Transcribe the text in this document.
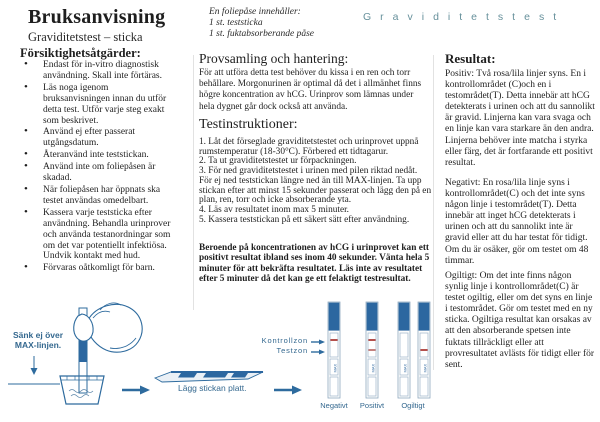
Graviditetstest
Bruksanvisning
Graviditetstest – sticka
Försiktighetsåtgärder:
• Endast för in-vitro diagnostisk användning. Skall inte förtäras.
• Läs noga igenom bruksanvisningen innan du utför detta test. Utför varje steg exakt som beskrivet.
• Använd ej efter passerat utgångsdatum.
• Återanvänd inte teststickan.
• Använd inte om foliepåsen är skadad.
• När foliepåsen har öppnats ska testet användas omedelbart.
• Kassera varje teststicka efter användning. Behandla urinprover och använda testanordningar som om det var potentiellt infektiösa. Undvik kontakt med hud.
• Förvaras oåtkomligt för barn.
En foliepåse innehåller:
1 st. teststicka
1 st. fuktabsorberande påse
Provsamling och hantering:
För att utföra detta test behöver du kissa i en ren och torr behållare. Morgonurinen är optimal då det i allmänhet finns högre koncentration av hCG. Urinprov som lämnas under hela dygnet går dock också att använda.
Testinstruktioner:
1. Låt det förseglade graviditetstestet och urinprovet uppnå rumstemperatur (18-30°C). Förbered ett tidtagarur.
2. Ta ut graviditetstestet ur förpackningen.
3. För ned graviditetstestet i urinen med pilen riktad nedåt. För ej ned teststickan längre ned än till MAX-linjen. Ta upp stickan efter att minst 15 sekunder passerat och lägg den på en plan, ren, torr och icke absorberande yta.
4. Läs av resultatet inom max 5 minuter.
5. Kassera teststickan på ett säkert sätt efter användning.
Beroende på koncentrationen av hCG i urinprovet kan ett positivt resultat ibland ses inom 40 sekunder. Vänta hela 5 minuter för att bekräfta resultatet. Läs inte av resultatet efter 5 minuter då det kan ge ett felaktigt testresultat.
Resultat:
Positiv: Två rosa/lila linjer syns. En i kontrollområdet (C)och en i testområdet(T). Detta innebär att hCG detekterats i urinen och att du sannolikt är gravid. Linjerna kan vara svaga och en linje kan vara starkare än den andra. Linjerna behöver inte matcha i styrka eller färg, det är fortfarande ett positivt resultat.
Negativt: En rosa/lila linje syns i kontrollområdet(C) och det inte syns någon linje i testområdet(T). Detta innebär att inget hCG detekterats i urinen och att du sannolikt inte är gravid eller att du har testat för tidigt. Om du är osäker, gör om testet om 48 timmar.
Ogiltigt: Om det inte finns någon synlig linje i kontrollområdet(C) är testet ogiltig, eller om det syns en linje i testområdet. Gör om testet med en ny sticka. Ogiltiga resultat kan orsakas av att den absorberande spetsen inte fuktats tillräckligt eller att provresultatet avlästs för tidigt eller för sent.
MAX	MAX	MAX	MAX
Sänk ej över MAX-linjen.
Lägg stickan platt.
Kontrollzon
Testzon
Negativt	Positivt	Ogiltigt
